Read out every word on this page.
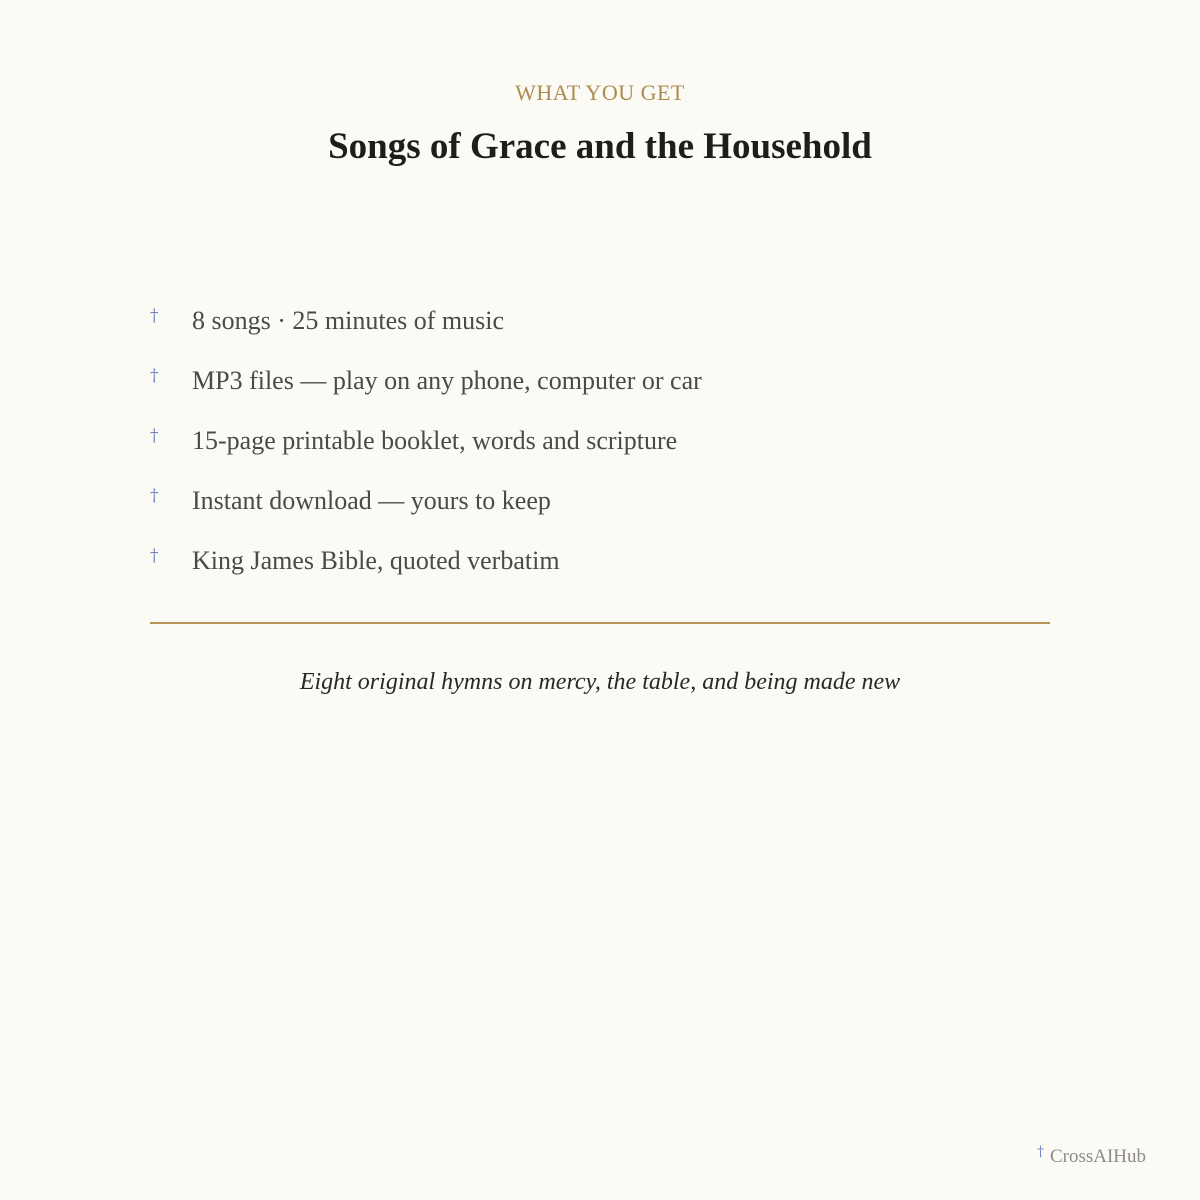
WHAT YOU GET
Songs of Grace and the Household
† 8 songs · 25 minutes of music
† MP3 files — play on any phone, computer or car
† 15-page printable booklet, words and scripture
† Instant download — yours to keep
† King James Bible, quoted verbatim
Eight original hymns on mercy, the table, and being made new
† CrossAIHub
